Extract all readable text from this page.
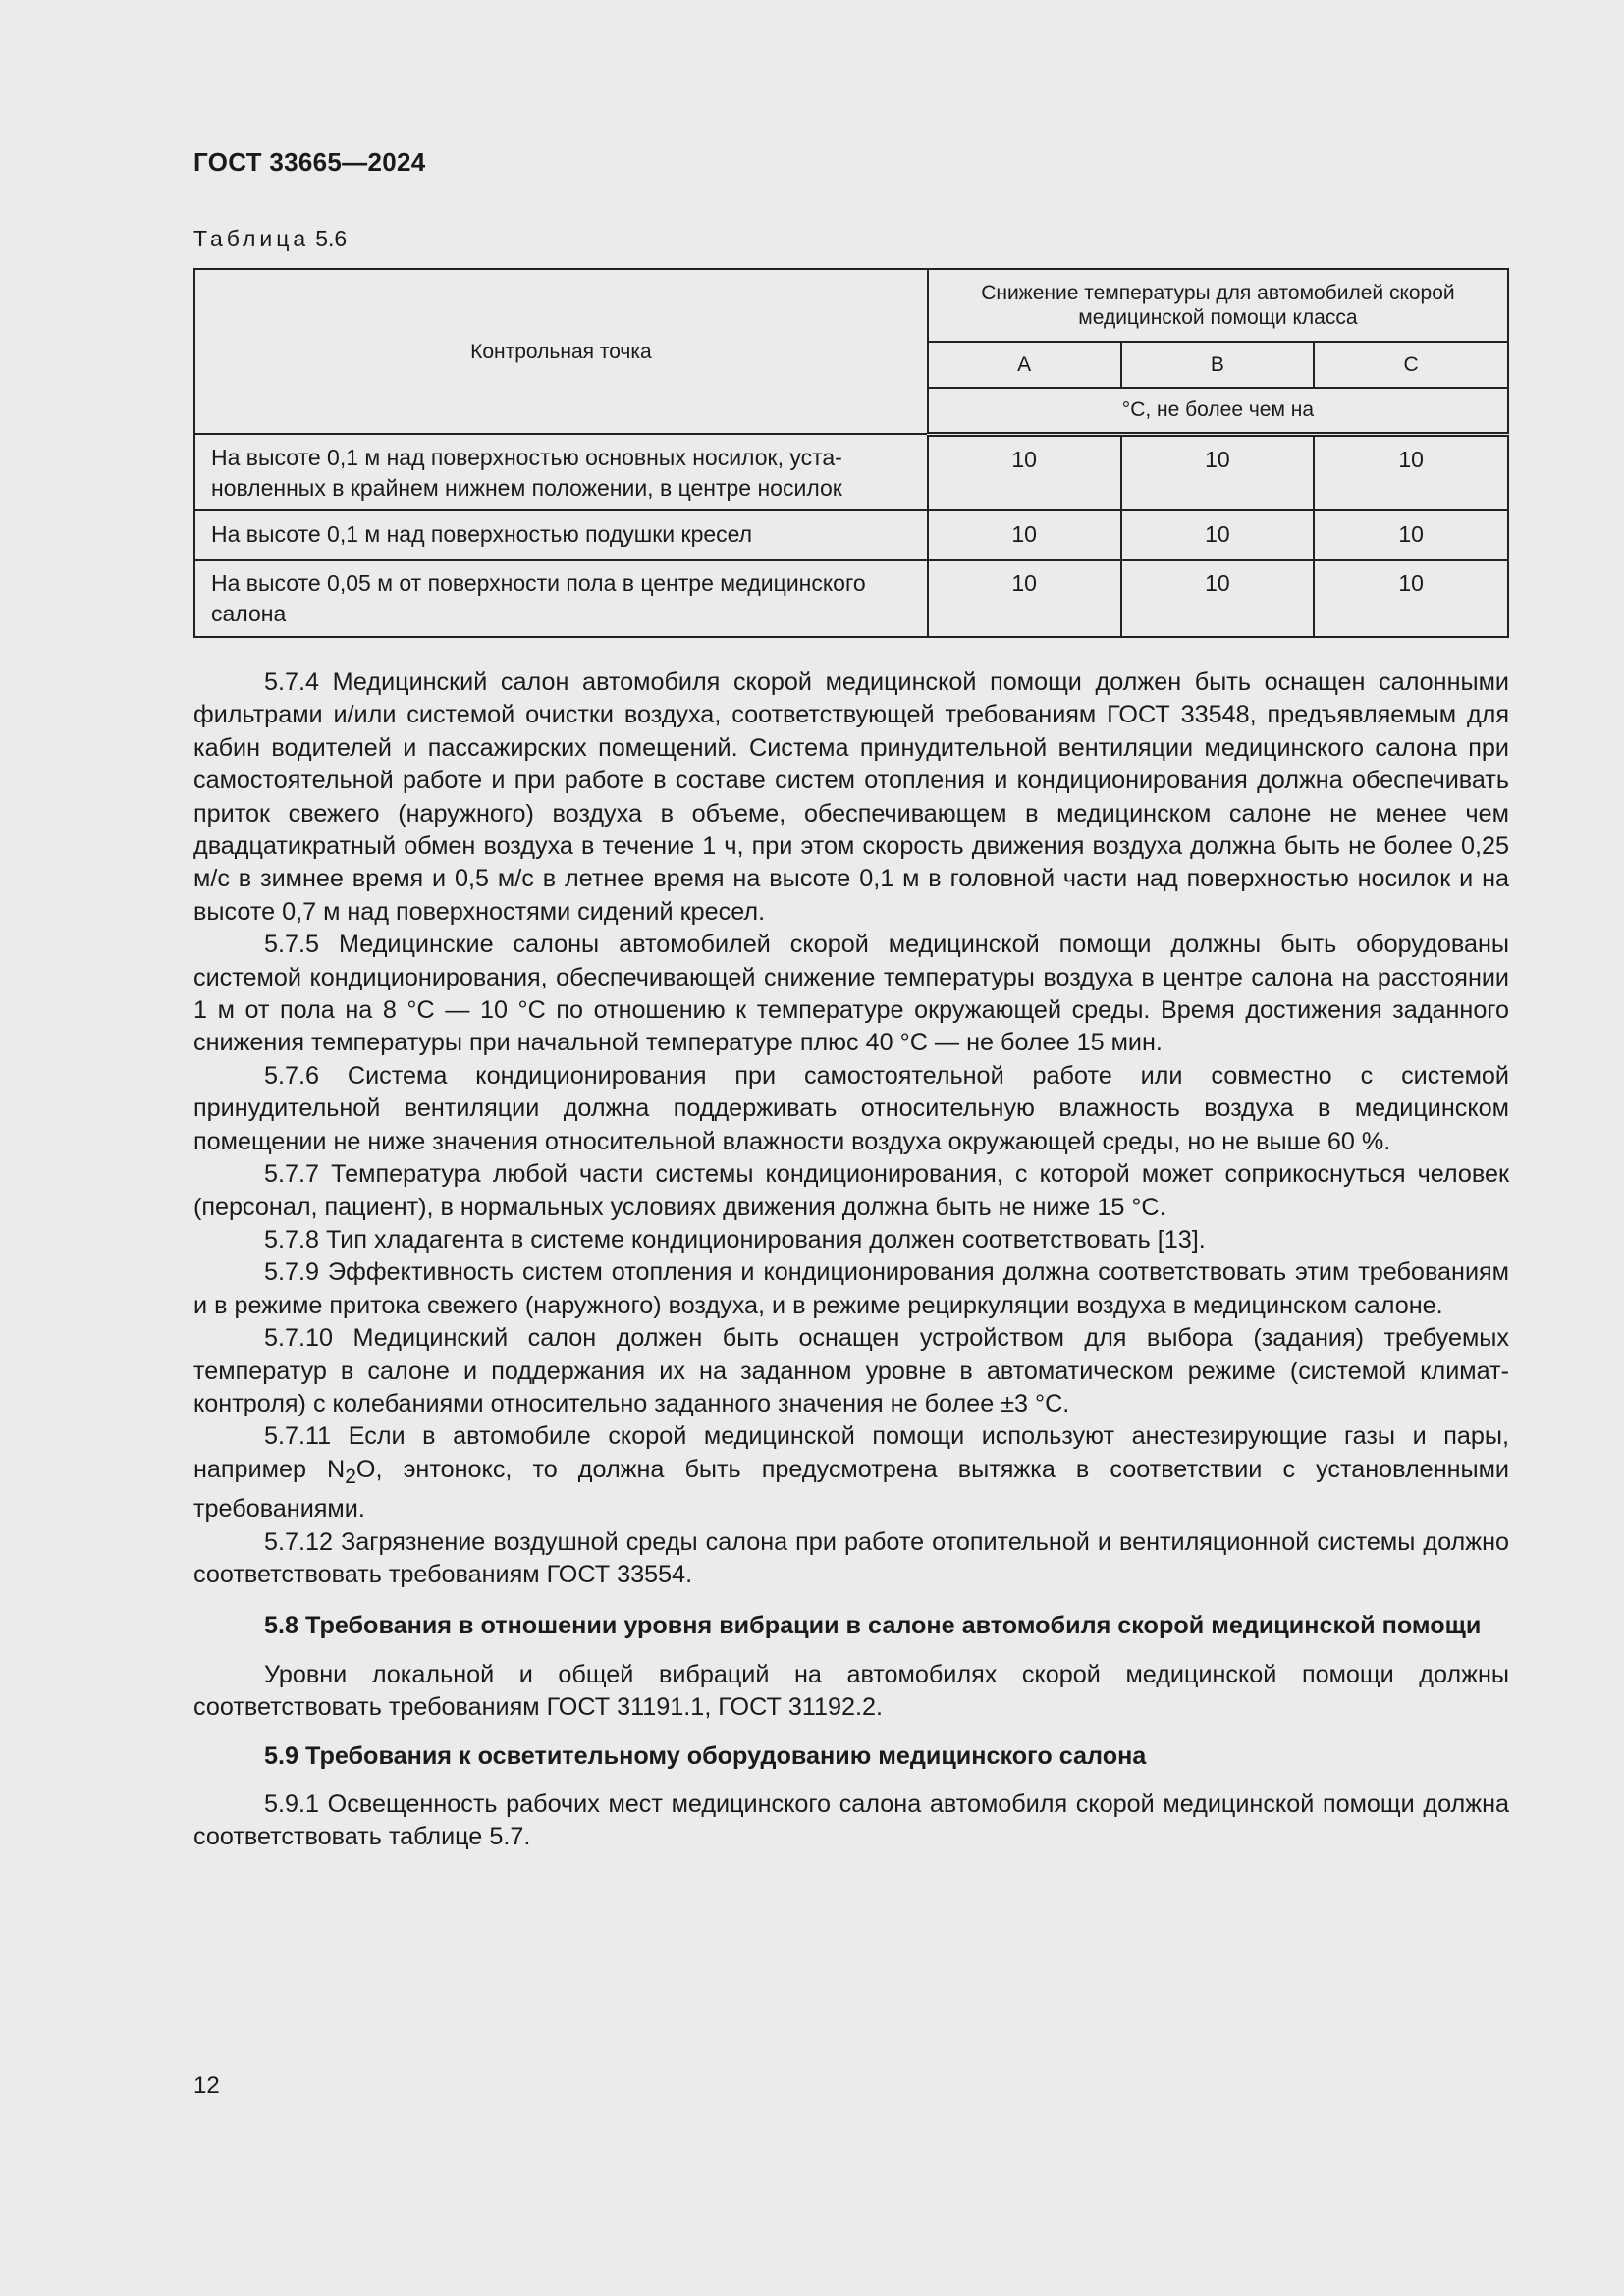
ГОСТ 33665—2024
Таблица 5.6
Контрольная точка	Снижение температуры для автомобилей скорой медицинской помощи класса		
	A	B	C
	°C, не более чем на		
На высоте 0,1 м над поверхностью основных носилок, уста-новленных в крайнем нижнем положении, в центре носилок	10	10	10
На высоте 0,1 м над поверхностью подушки кресел	10	10	10
На высоте 0,05 м от поверхности пола в центре медицинского салона	10	10	10

5.7.4 Медицинский салон автомобиля скорой медицинской помощи должен быть оснащен салонными фильтрами и/или системой очистки воздуха, соответствующей требованиям ГОСТ 33548, предъявляемым для кабин водителей и пассажирских помещений. Система принудительной вентиляции медицинского салона при самостоятельной работе и при работе в составе систем отопления и кондиционирования должна обеспечивать приток свежего (наружного) воздуха в объеме, обеспечивающем в медицинском салоне не менее чем двадцатикратный обмен воздуха в течение 1 ч, при этом скорость движения воздуха должна быть не более 0,25 м/с в зимнее время и 0,5 м/с в летнее время на высоте 0,1 м в головной части над поверхностью носилок и на высоте 0,7 м над поверхностями сидений кресел.

5.7.5 Медицинские салоны автомобилей скорой медицинской помощи должны быть оборудованы системой кондиционирования, обеспечивающей снижение температуры воздуха в центре салона на расстоянии 1 м от пола на 8 °C — 10 °C по отношению к температуре окружающей среды. Время достижения заданного снижения температуры при начальной температуре плюс 40 °C — не более 15 мин.

5.7.6 Система кондиционирования при самостоятельной работе или совместно с системой принудительной вентиляции должна поддерживать относительную влажность воздуха в медицинском помещении не ниже значения относительной влажности воздуха окружающей среды, но не выше 60 %.

5.7.7 Температура любой части системы кондиционирования, с которой может соприкоснуться человек (персонал, пациент), в нормальных условиях движения должна быть не ниже 15 °C.

5.7.8 Тип хладагента в системе кондиционирования должен соответствовать [13].

5.7.9 Эффективность систем отопления и кондиционирования должна соответствовать этим требованиям и в режиме притока свежего (наружного) воздуха, и в режиме рециркуляции воздуха в медицинском салоне.

5.7.10 Медицинский салон должен быть оснащен устройством для выбора (задания) требуемых температур в салоне и поддержания их на заданном уровне в автоматическом режиме (системой климат-контроля) с колебаниями относительно заданного значения не более ±3 °C.

5.7.11 Если в автомобиле скорой медицинской помощи используют анестезирующие газы и пары, например $N_2O$, энтонокс, то должна быть предусмотрена вытяжка в соответствии с установленными требованиями.

5.7.12 Загрязнение воздушной среды салона при работе отопительной и вентиляционной системы должно соответствовать требованиям ГОСТ 33554.

5.8 Требования в отношении уровня вибрации в салоне автомобиля скорой медицинской помощи

Уровни локальной и общей вибраций на автомобилях скорой медицинской помощи должны соответствовать требованиям ГОСТ 31191.1, ГОСТ 31192.2.

5.9 Требования к осветительному оборудованию медицинского салона

5.9.1 Освещенность рабочих мест медицинского салона автомобиля скорой медицинской помощи должна соответствовать таблице 5.7.

12
